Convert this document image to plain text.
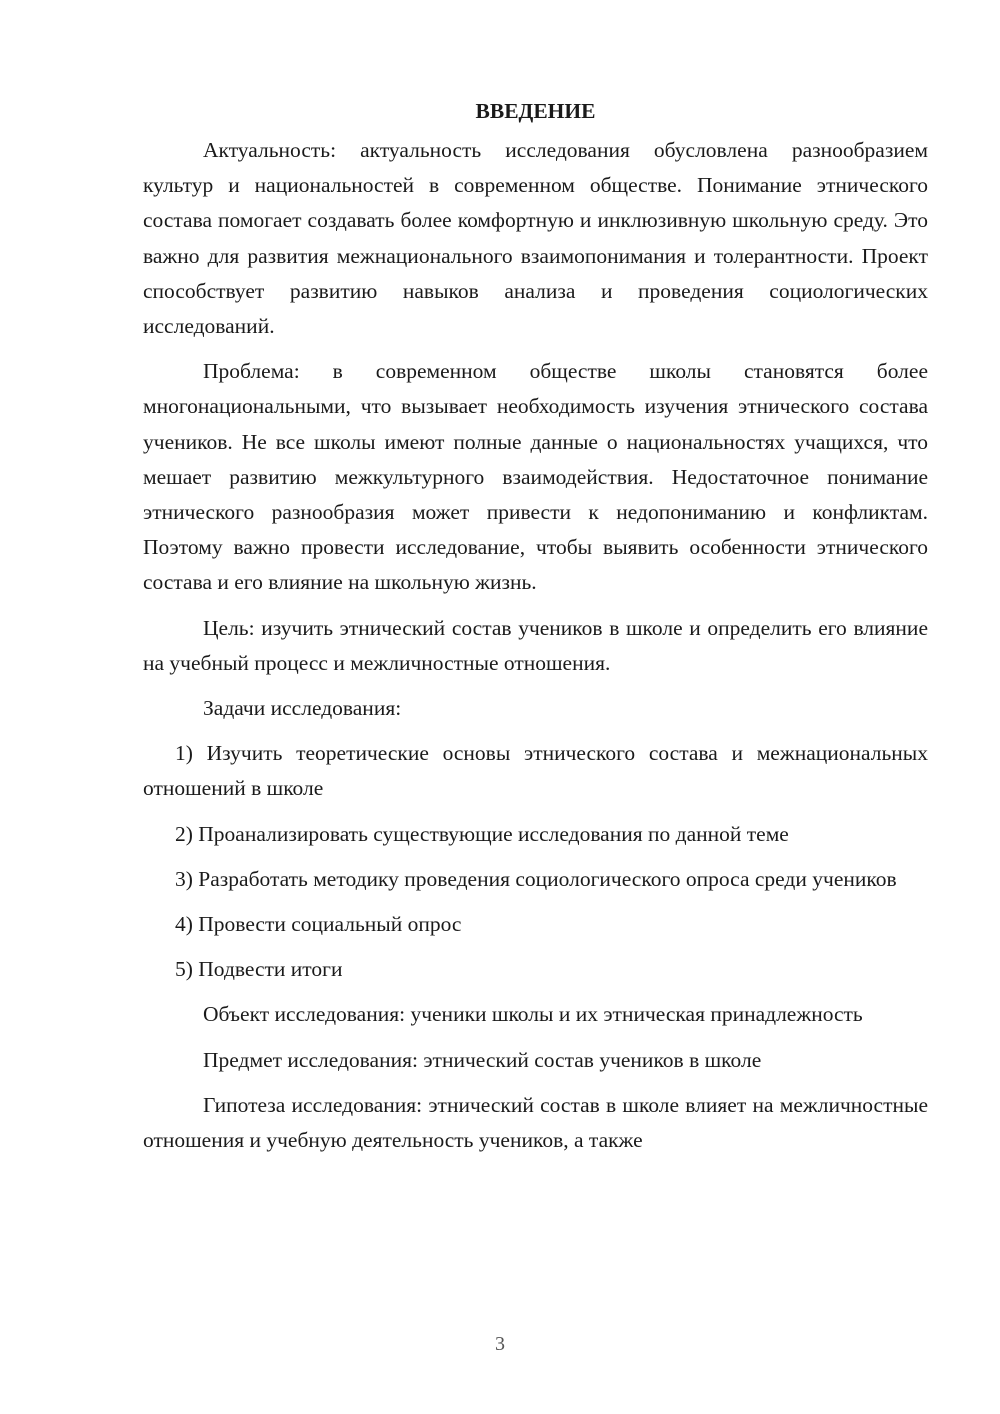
ВВЕДЕНИЕ

Актуальность: актуальность исследования обусловлена разнообразием культур и национальностей в современном обществе. Понимание этнического состава помогает создавать более комфортную и инклюзивную школьную среду. Это важно для развития межнационального взаимопонимания и толерантности. Проект способствует развитию навыков анализа и проведения социологических исследований.

Проблема: в современном обществе школы становятся более многонациональными, что вызывает необходимость изучения этнического состава учеников. Не все школы имеют полные данные о национальностях учащихся, что мешает развитию межкультурного взаимодействия. Недостаточное понимание этнического разнообразия может привести к недопониманию и конфликтам. Поэтому важно провести исследование, чтобы выявить особенности этнического состава и его влияние на школьную жизнь.

Цель: изучить этнический состав учеников в школе и определить его влияние на учебный процесс и межличностные отношения.

Задачи исследования:

1) Изучить теоретические основы этнического состава и межнациональных отношений в школе

2) Проанализировать существующие исследования по данной теме

3) Разработать методику проведения социологического опроса среди учеников

4) Провести социальный опрос

5) Подвести итоги

Объект исследования: ученики школы и их этническая принадлежность

Предмет исследования: этнический состав учеников в школе

Гипотеза исследования: этнический состав в школе влияет на межличностные отношения и учебную деятельность учеников, а также

3
